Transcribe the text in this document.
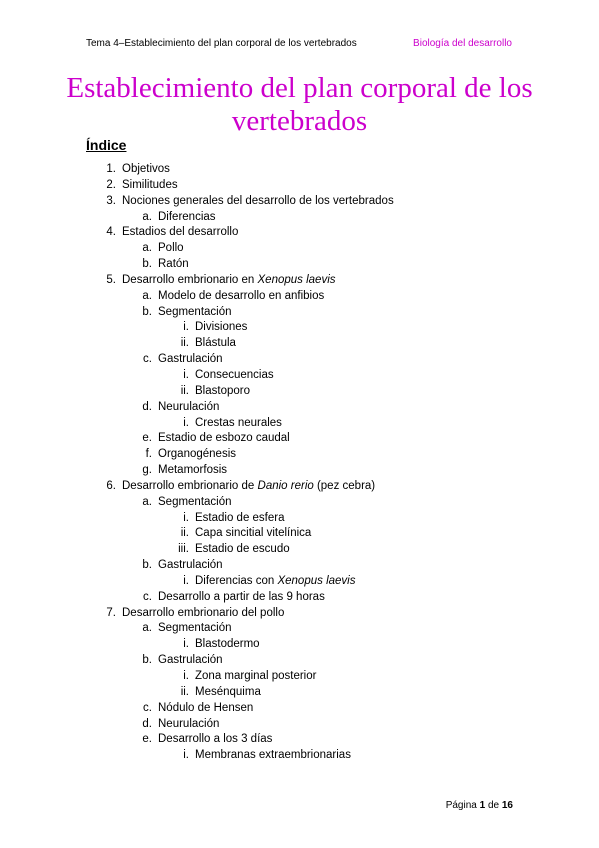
Tema 4–Establecimiento del plan corporal de los vertebrados	Biología del desarrollo
Establecimiento del plan corporal de los vertebrados
Índice
1. Objetivos
2. Similitudes
3. Nociones generales del desarrollo de los vertebrados
a. Diferencias
4. Estadios del desarrollo
a. Pollo
b. Ratón
5. Desarrollo embrionario en Xenopus laevis
a. Modelo de desarrollo en anfibios
b. Segmentación
i. Divisiones
ii. Blástula
c. Gastrulación
i. Consecuencias
ii. Blastoporo
d. Neurulación
i. Crestas neurales
e. Estadio de esbozo caudal
f. Organogénesis
g. Metamorfosis
6. Desarrollo embrionario de Danio rerio (pez cebra)
a. Segmentación
i. Estadio de esfera
ii. Capa sincitial vitelínica
iii. Estadio de escudo
b. Gastrulación
i. Diferencias con Xenopus laevis
c. Desarrollo a partir de las 9 horas
7. Desarrollo embrionario del pollo
a. Segmentación
i. Blastodermo
b. Gastrulación
i. Zona marginal posterior
ii. Mesénquima
c. Nódulo de Hensen
d. Neurulación
e. Desarrollo a los 3 días
i. Membranas extraembrionarias
Página 1 de 16
